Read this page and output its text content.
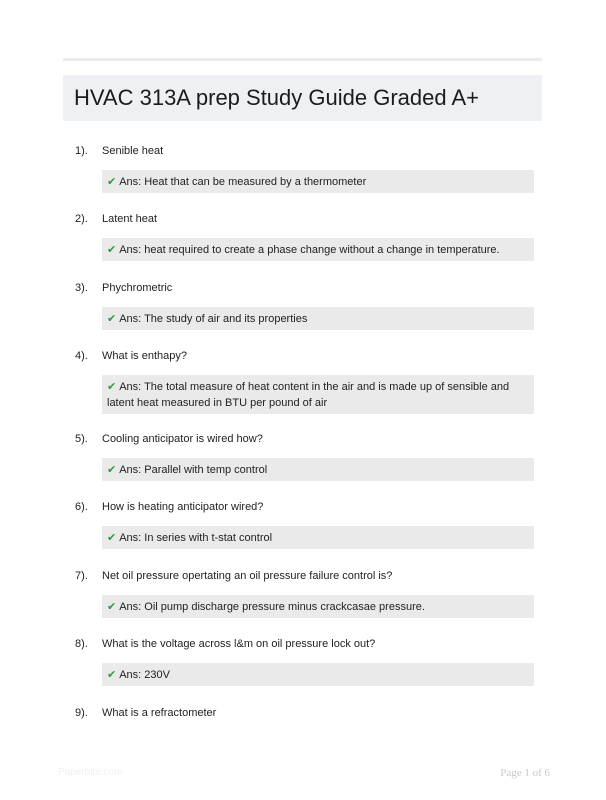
HVAC 313A prep Study Guide Graded A+
1). Senible heat
✔ Ans: Heat that can be measured by a thermometer
2). Latent heat
✔ Ans: heat required to create a phase change without a change in temperature.
3). Phychrometric
✔ Ans: The study of air and its properties
4). What is enthapy?
✔ Ans: The total measure of heat content in the air and is made up of sensible and latent heat measured in BTU per pound of air
5). Cooling anticipator is wired how?
✔ Ans: Parallel with temp control
6). How is heating anticipator wired?
✔ Ans: In series with t-stat control
7). Net oil pressure opertating an oil pressure failure control is?
✔ Ans: Oil pump discharge pressure minus crackcasae pressure.
8). What is the voltage across l&m on oil pressure lock out?
✔ Ans: 230V
9). What is a refractometer
Paperbite.com	Page 1 of 6
